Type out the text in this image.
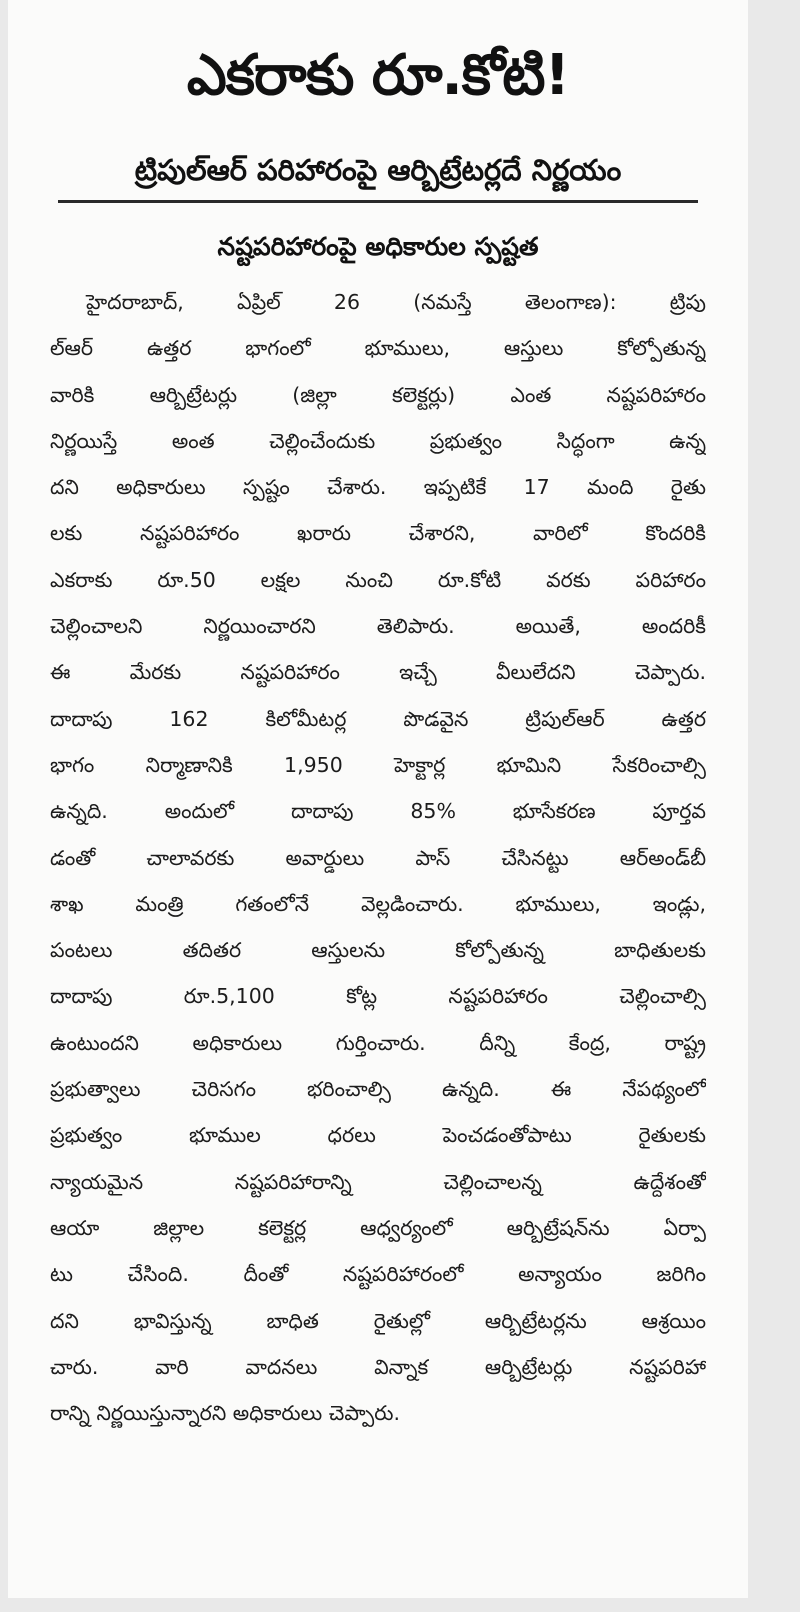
ఎకరాకు రూ.కోటి!
ట్రిపుల్‌ఆర్‌ పరిహారంపై ఆర్బిట్రేటర్లదే నిర్ణయం
నష్టపరిహారంపై అధికారుల స్పష్టత
హైదరాబాద్‌, ఏప్రిల్‌ 26 (నమస్తే తెలంగాణ): ట్రిపు
ల్‌ఆర్‌ ఉత్తర భాగంలో భూములు, ఆస్తులు కోల్పోతున్న
వారికి ఆర్బిట్రేటర్లు (జిల్లా కలెక్టర్లు) ఎంత నష్టపరిహారం
నిర్ణయిస్తే అంత చెల్లించేందుకు ప్రభుత్వం సిద్ధంగా ఉన్న
దని అధికారులు స్పష్టం చేశారు. ఇప్పటికే 17 మంది రైతు
లకు నష్టపరిహారం ఖరారు చేశారని, వారిలో కొందరికి
ఎకరాకు రూ.50 లక్షల నుంచి రూ.కోటి వరకు పరిహారం
చెల్లించాలని నిర్ణయించారని తెలిపారు. అయితే, అందరికీ
ఈ మేరకు నష్టపరిహారం ఇచ్చే వీలులేదని చెప్పారు.
దాదాపు 162 కిలోమీటర్ల పొడవైన ట్రిపుల్‌ఆర్‌ ఉత్తర
భాగం నిర్మాణానికి 1,950 హెక్టార్ల భూమిని సేకరించాల్సి
ఉన్నది. అందులో దాదాపు 85% భూసేకరణ పూర్తవ
డంతో చాలావరకు అవార్డులు పాస్‌ చేసినట్టు ఆర్‌అండ్‌బీ
శాఖ మంత్రి గతంలోనే వెల్లడించారు. భూములు, ఇండ్లు,
పంటలు తదితర ఆస్తులను కోల్పోతున్న బాధితులకు
దాదాపు రూ.5,100 కోట్ల నష్టపరిహారం చెల్లించాల్సి
ఉంటుందని అధికారులు గుర్తించారు. దీన్ని కేంద్ర, రాష్ట్ర
ప్రభుత్వాలు చెరిసగం భరించాల్సి ఉన్నది. ఈ నేపథ్యంలో
ప్రభుత్వం భూముల ధరలు పెంచడంతోపాటు రైతులకు
న్యాయమైన నష్టపరిహారాన్ని చెల్లించాలన్న ఉద్దేశంతో
ఆయా జిల్లాల కలెక్టర్ల ఆధ్వర్యంలో ఆర్బిట్రేషన్‌ను ఏర్పా
టు చేసింది. దీంతో నష్టపరిహారంలో అన్యాయం జరిగిం
దని భావిస్తున్న బాధిత రైతుల్లో ఆర్బిట్రేటర్లను ఆశ్రయిం
చారు. వారి వాదనలు విన్నాక ఆర్బిట్రేటర్లు నష్టపరిహా
రాన్ని నిర్ణయిస్తున్నారని అధికారులు చెప్పారు.
